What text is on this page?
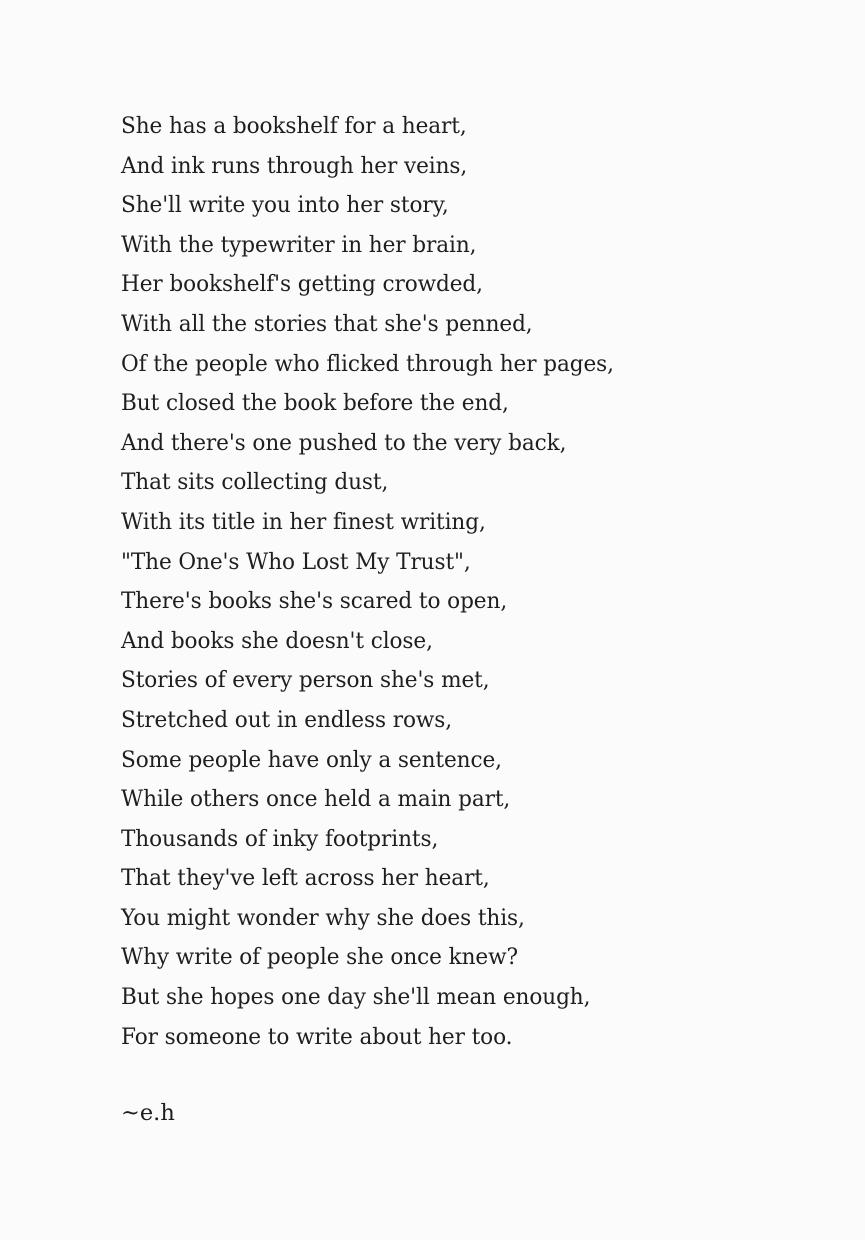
She has a bookshelf for a heart,
And ink runs through her veins,
She'll write you into her story,
With the typewriter in her brain,
Her bookshelf's getting crowded,
With all the stories that she's penned,
Of the people who flicked through her pages,
But closed the book before the end,
And there's one pushed to the very back,
That sits collecting dust,
With its title in her finest writing,
"The One's Who Lost My Trust",
There's books she's scared to open,
And books she doesn't close,
Stories of every person she's met,
Stretched out in endless rows,
Some people have only a sentence,
While others once held a main part,
Thousands of inky footprints,
That they've left across her heart,
You might wonder why she does this,
Why write of people she once knew?
But she hopes one day she'll mean enough,
For someone to write about her too.
~e.h
